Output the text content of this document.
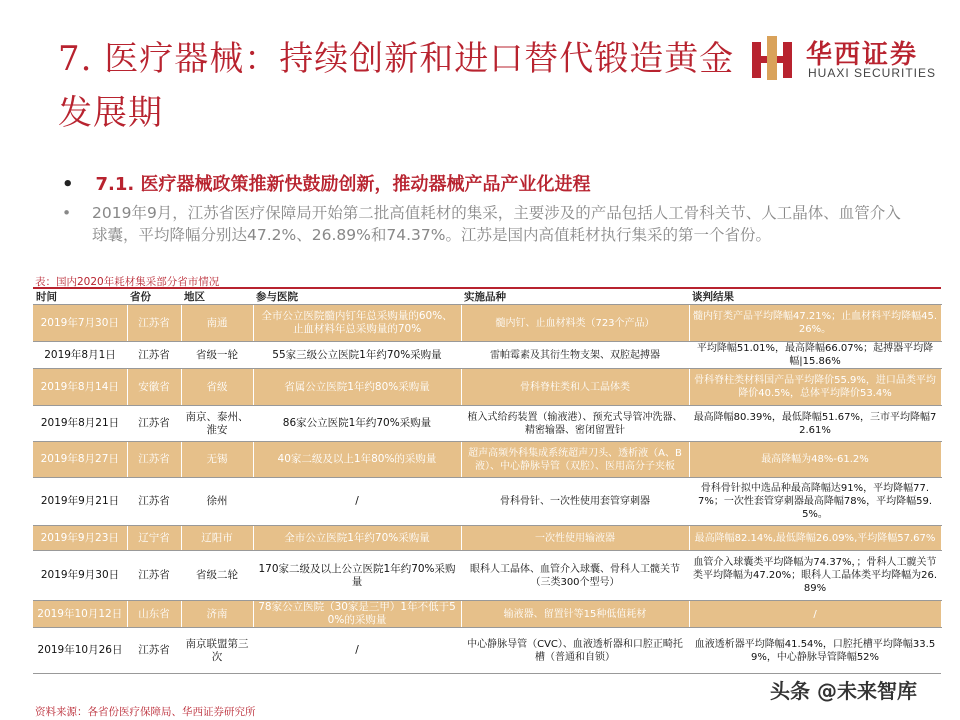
7. 医疗器械：持续创新和进口替代锻造黄金发展期
华西证券
HUAXI SECURITIES
• 7.1. 医疗器械政策推新快鼓励创新，推动器械产品产业化进程
• 2019年9月，江苏省医疗保障局开始第二批高值耗材的集采，主要涉及的产品包括人工骨科关节、人工晶体、血管介入球囊，平均降幅分别达47.2%、26.89%和74.37%。江苏是国内高值耗材执行集采的第一个省份。
表：国内2020年耗材集采部分省市情况
时间	省份	地区	参与医院	实施品种	谈判结果
2019年7月30日	江苏省	南通	全市公立医院髓内钉年总采购量的60%、止血材料年总采购量的70%	髓内钉、止血材料类（723个产品）	髓内钉类产品平均降幅47.21%；止血材料平均降幅45.26%。
2019年8月1日	江苏省	省级一轮	55家三级公立医院1年约70%采购量	雷帕霉素及其衍生物支架、双腔起搏器	平均降幅51.01%，最高降幅66.07%；起搏器平均降幅|15.86%
2019年8月14日	安徽省	省级	省属公立医院1年约80%采购量	骨科脊柱类和人工晶体类	骨科脊柱类材料国产品平均降价55.9%，进口品类平均降价40.5%，总体平均降价53.4%
2019年8月21日	江苏省	南京、泰州、淮安	86家公立医院1年约70%采购量	植入式给药装置（输液港）、预充式导管冲洗器、精密输器、密闭留置针	最高降幅80.39%，最低降幅51.67%，三市平均降幅72.61%
2019年8月27日	江苏省	无锡	40家二级及以上1年80%的采购量	超声高频外科集成系统超声刀头、透析液（A、B液）、中心静脉导管（双腔）、医用高分子夹板	最高降幅为48%-61.2%
2019年9月21日	江苏省	徐州	/	骨科骨针、一次性使用套管穿刺器	骨科骨针拟中选品种最高降幅达91%，平均降幅77.7%；一次性套管穿刺器最高降幅78%，平均降幅59.5%。
2019年9月23日	辽宁省	辽阳市	全市公立医院1年约70%采购量	一次性使用输液器	最高降幅82.14%,最低降幅26.09%,平均降幅57.67%
2019年9月30日	江苏省	省级二轮	170家二级及以上公立医院1年约70%采购量	眼科人工晶体、血管介入球囊、骨科人工髋关节（三类300个型号）	血管介入球囊类平均降幅为74.37%，；骨科人工髋关节类平均降幅为47.20%；眼科人工晶体类平均降幅为26.89%
2019年10月12日	山东省	济南	78家公立医院（30家是三甲）1年不低于50%的采购量	输液器、留置针等15种低值耗材	/
2019年10月26日	江苏省	南京联盟第三次	/	中心静脉导管（CVC）、血液透析器和口腔正畸托槽（普通和自锁）	血液透析器平均降幅41.54%，口腔托槽平均降幅33.59%，中心静脉导管降幅52%
资料来源：各省份医疗保障局、华西证券研究所
头条 @未来智库
